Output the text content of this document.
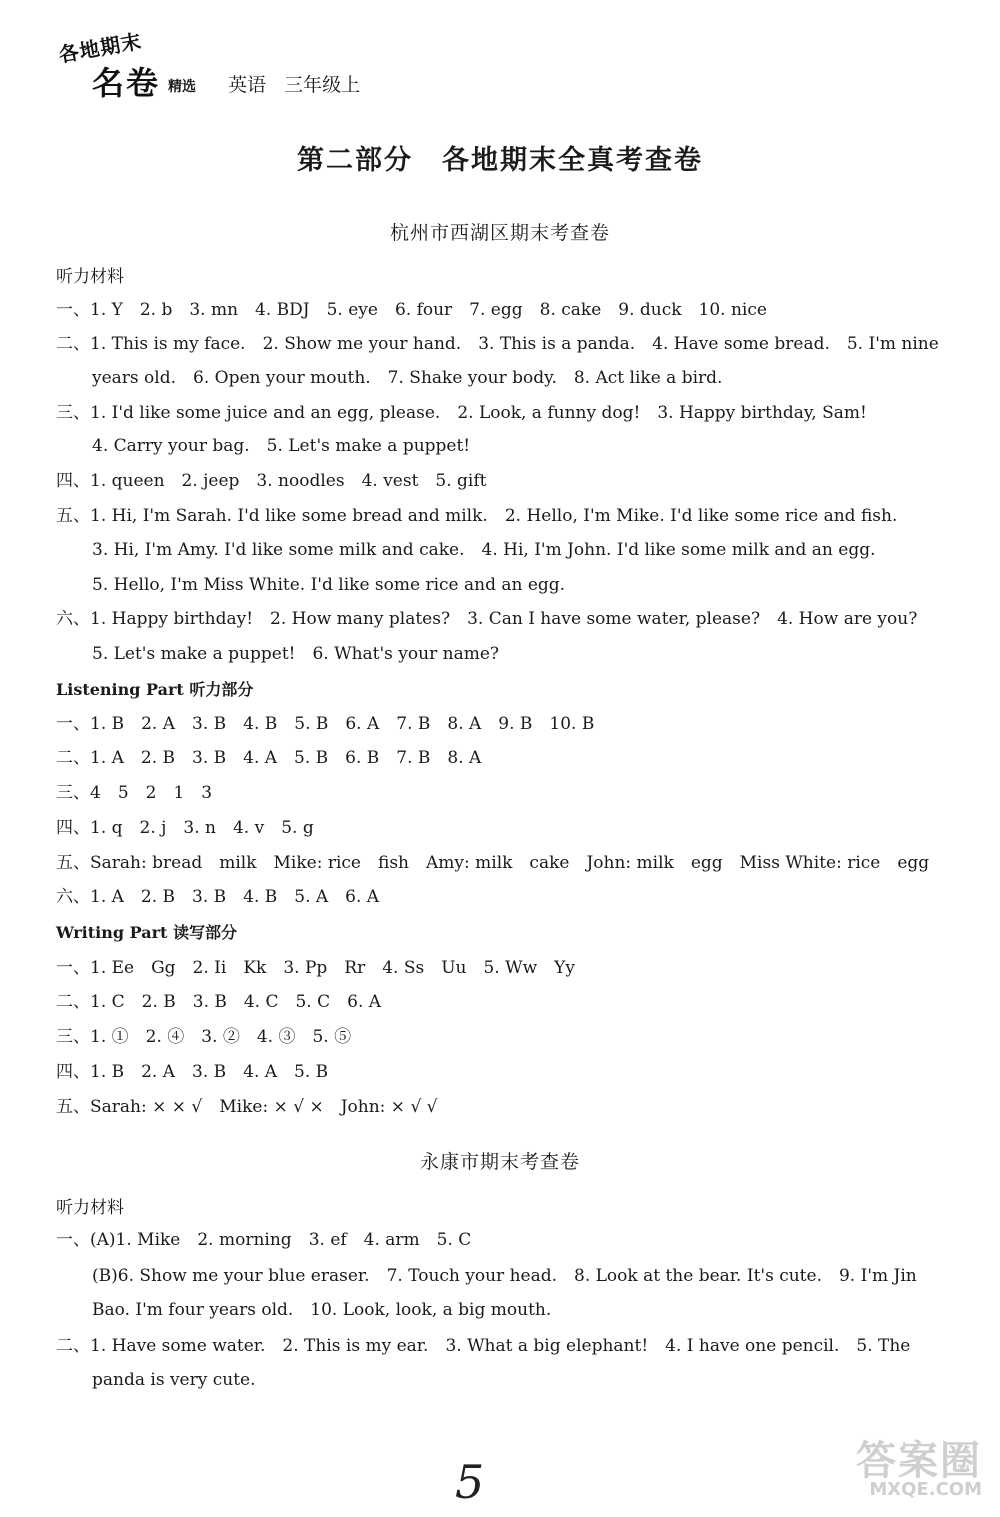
各地期末
名卷 精选 英语 三年级上
第二部分　各地期末全真考查卷
杭州市西湖区期末考查卷
听力材料
一、1. Y　2. b　3. mn　4. BDJ　5. eye　6. four　7. egg　8. cake　9. duck　10. nice
二、1. This is my face.　2. Show me your hand.　3. This is a panda.　4. Have some bread.　5. I'm nine
years old.　6. Open your mouth.　7. Shake your body.　8. Act like a bird.
三、1. I'd like some juice and an egg, please.　2. Look, a funny dog!　3. Happy birthday, Sam!
4. Carry your bag.　5. Let's make a puppet!
四、1. queen　2. jeep　3. noodles　4. vest　5. gift
五、1. Hi, I'm Sarah. I'd like some bread and milk.　2. Hello, I'm Mike. I'd like some rice and fish.
3. Hi, I'm Amy. I'd like some milk and cake.　4. Hi, I'm John. I'd like some milk and an egg.
5. Hello, I'm Miss White. I'd like some rice and an egg.
六、1. Happy birthday!　2. How many plates?　3. Can I have some water, please?　4. How are you?
5. Let's make a puppet!　6. What's your name?
Listening Part 听力部分
一、1. B　2. A　3. B　4. B　5. B　6. A　7. B　8. A　9. B　10. B
二、1. A　2. B　3. B　4. A　5. B　6. B　7. B　8. A
三、4　5　2　1　3
四、1. q　2. j　3. n　4. v　5. g
五、Sarah: bread　milk　Mike: rice　fish　Amy: milk　cake　John: milk　egg　Miss White: rice　egg
六、1. A　2. B　3. B　4. B　5. A　6. A
Writing Part 读写部分
一、1. Ee　Gg　2. Ii　Kk　3. Pp　Rr　4. Ss　Uu　5. Ww　Yy
二、1. C　2. B　3. B　4. C　5. C　6. A
三、1. ①　2. ④　3. ②　4. ③　5. ⑤
四、1. B　2. A　3. B　4. A　5. B
五、Sarah: × × √　Mike: × √ ×　John: × √ √
永康市期末考查卷
听力材料
一、(A)1. Mike　2. morning　3. ef　4. arm　5. C
(B)6. Show me your blue eraser.　7. Touch your head.　8. Look at the bear. It's cute.　9. I'm Jin
Bao. I'm four years old.　10. Look, look, a big mouth.
二、1. Have some water.　2. This is my ear.　3. What a big elephant!　4. I have one pencil.　5. The
panda is very cute.
5	答案圈
MXQE.COM
